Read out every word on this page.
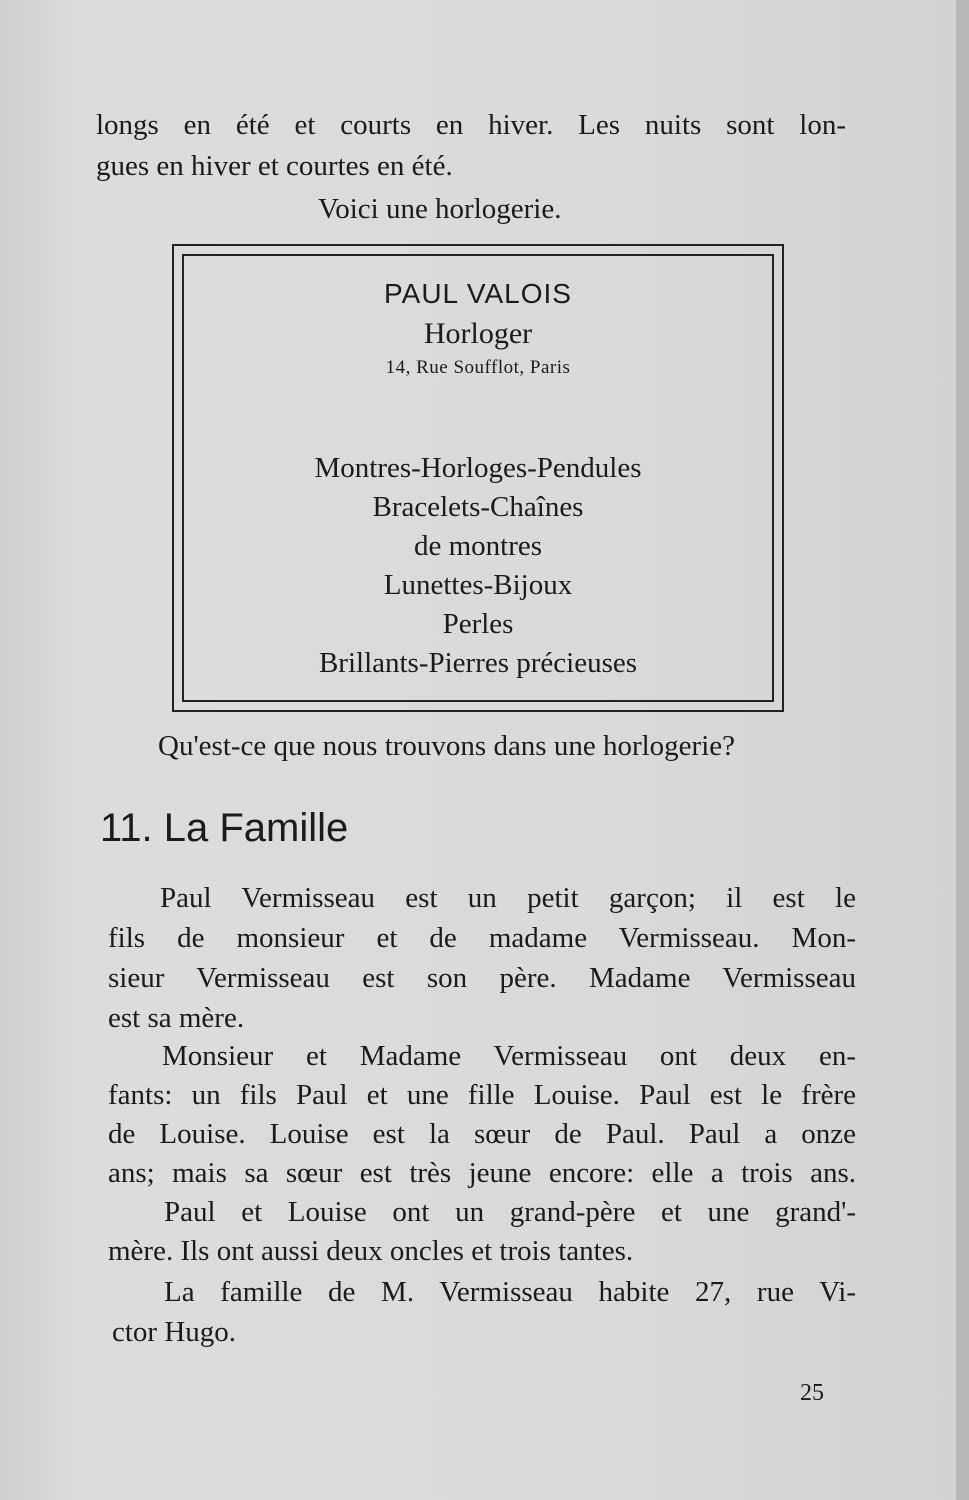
longs en été et courts en hiver. Les nuits sont lon-
gues en hiver et courtes en été.
Voici une horlogerie.
PAUL VALOIS
Horloger
14, Rue Soufflot, Paris
Montres-Horloges-Pendules
Bracelets-Chaînes
de montres
Lunettes-Bijoux
Perles
Brillants-Pierres précieuses
Qu'est-ce que nous trouvons dans une horlogerie?
11. La Famille
Paul Vermisseau est un petit garçon; il est le
fils de monsieur et de madame Vermisseau. Mon-
sieur Vermisseau est son père. Madame Vermisseau
est sa mère.
Monsieur et Madame Vermisseau ont deux en-
fants: un fils Paul et une fille Louise. Paul est le frère
de Louise. Louise est la sœur de Paul. Paul a onze
ans; mais sa sœur est très jeune encore: elle a trois ans.
Paul et Louise ont un grand-père et une grand'-
mère. Ils ont aussi deux oncles et trois tantes.
La famille de M. Vermisseau habite 27, rue Vi-
ctor Hugo.
25
